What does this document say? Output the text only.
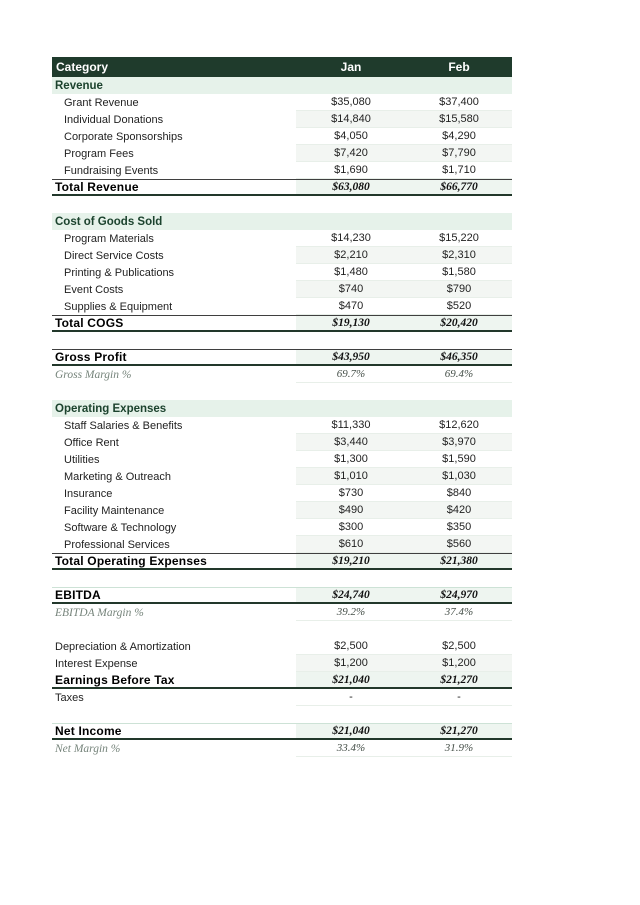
Category	Jan	Feb
Revenue
Grant Revenue	$35,080	$37,400
Individual Donations	$14,840	$15,580
Corporate Sponsorships	$4,050	$4,290
Program Fees	$7,420	$7,790
Fundraising Events	$1,690	$1,710
Total Revenue	$63,080	$66,770
Cost of Goods Sold
Program Materials	$14,230	$15,220
Direct Service Costs	$2,210	$2,310
Printing & Publications	$1,480	$1,580
Event Costs	$740	$790
Supplies & Equipment	$470	$520
Total COGS	$19,130	$20,420
Gross Profit	$43,950	$46,350
Gross Margin %	69.7%	69.4%
Operating Expenses
Staff Salaries & Benefits	$11,330	$12,620
Office Rent	$3,440	$3,970
Utilities	$1,300	$1,590
Marketing & Outreach	$1,010	$1,030
Insurance	$730	$840
Facility Maintenance	$490	$420
Software & Technology	$300	$350
Professional Services	$610	$560
Total Operating Expenses	$19,210	$21,380
EBITDA	$24,740	$24,970
EBITDA Margin %	39.2%	37.4%
Depreciation & Amortization	$2,500	$2,500
Interest Expense	$1,200	$1,200
Earnings Before Tax	$21,040	$21,270
Taxes	-	-
Net Income	$21,040	$21,270
Net Margin %	33.4%	31.9%
